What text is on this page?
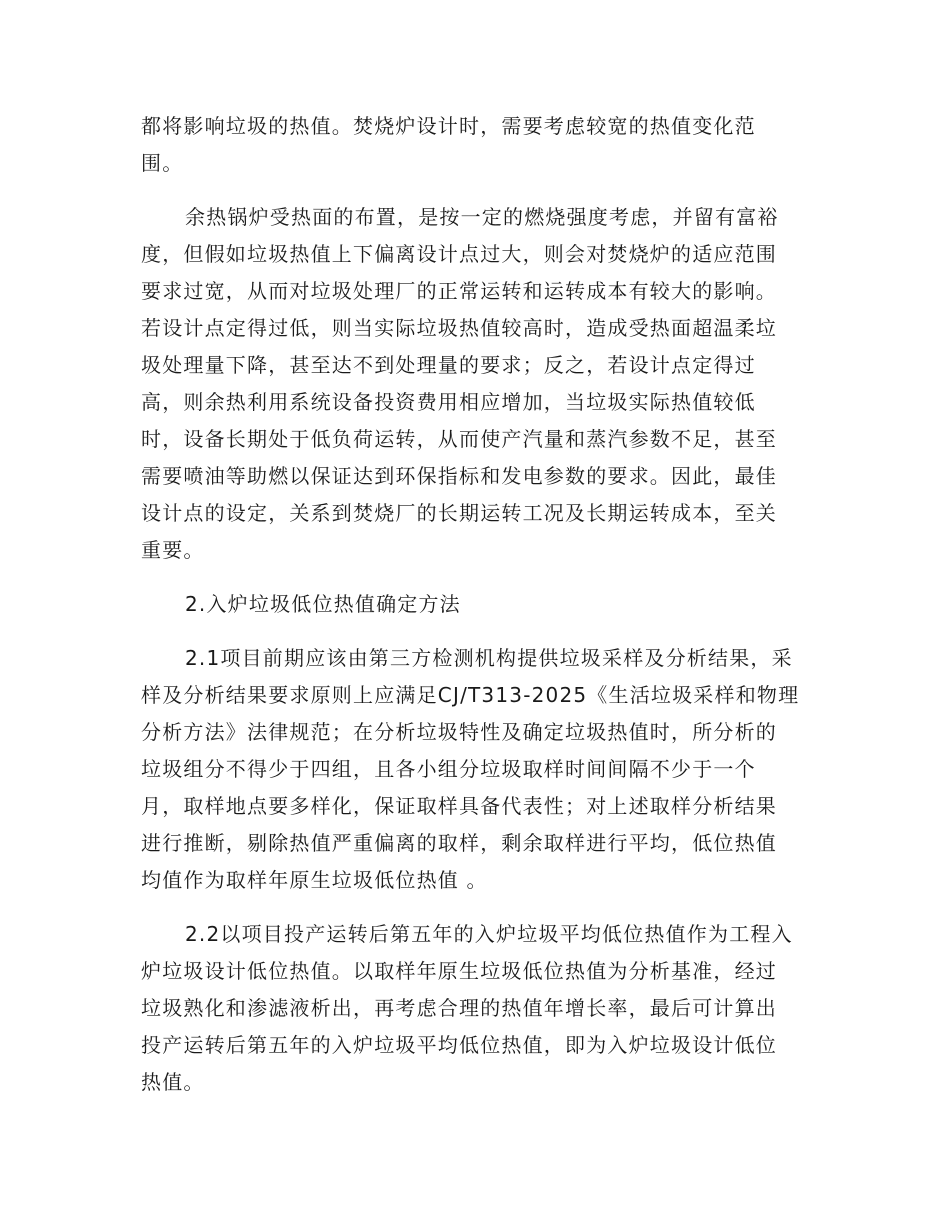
都将影响垃圾的热值。焚烧炉设计时，需要考虑较宽的热值变化范
围。
余热锅炉受热面的布置，是按一定的燃烧强度考虑，并留有富裕
度，但假如垃圾热值上下偏离设计点过大，则会对焚烧炉的适应范围
要求过宽，从而对垃圾处理厂的正常运转和运转成本有较大的影响。
若设计点定得过低，则当实际垃圾热值较高时，造成受热面超温柔垃
圾处理量下降，甚至达不到处理量的要求；反之，若设计点定得过
高，则余热利用系统设备投资费用相应增加，当垃圾实际热值较低
时，设备长期处于低负荷运转，从而使产汽量和蒸汽参数不足，甚至
需要喷油等助燃以保证达到环保指标和发电参数的要求。因此，最佳
设计点的设定，关系到焚烧厂的长期运转工况及长期运转成本，至关
重要。
2.入炉垃圾低位热值确定方法
2.1项目前期应该由第三方检测机构提供垃圾采样及分析结果，采
样及分析结果要求原则上应满足CJ/T313-2025《生活垃圾采样和物理
分析方法》法律规范；在分析垃圾特性及确定垃圾热值时，所分析的
垃圾组分不得少于四组，且各小组分垃圾取样时间间隔不少于一个
月，取样地点要多样化，保证取样具备代表性；对上述取样分析结果
进行推断，剔除热值严重偏离的取样，剩余取样进行平均，低位热值
均值作为取样年原生垃圾低位热值 。
2.2以项目投产运转后第五年的入炉垃圾平均低位热值作为工程入
炉垃圾设计低位热值。以取样年原生垃圾低位热值为分析基准，经过
垃圾熟化和渗滤液析出，再考虑合理的热值年增长率，最后可计算出
投产运转后第五年的入炉垃圾平均低位热值，即为入炉垃圾设计低位
热值。
